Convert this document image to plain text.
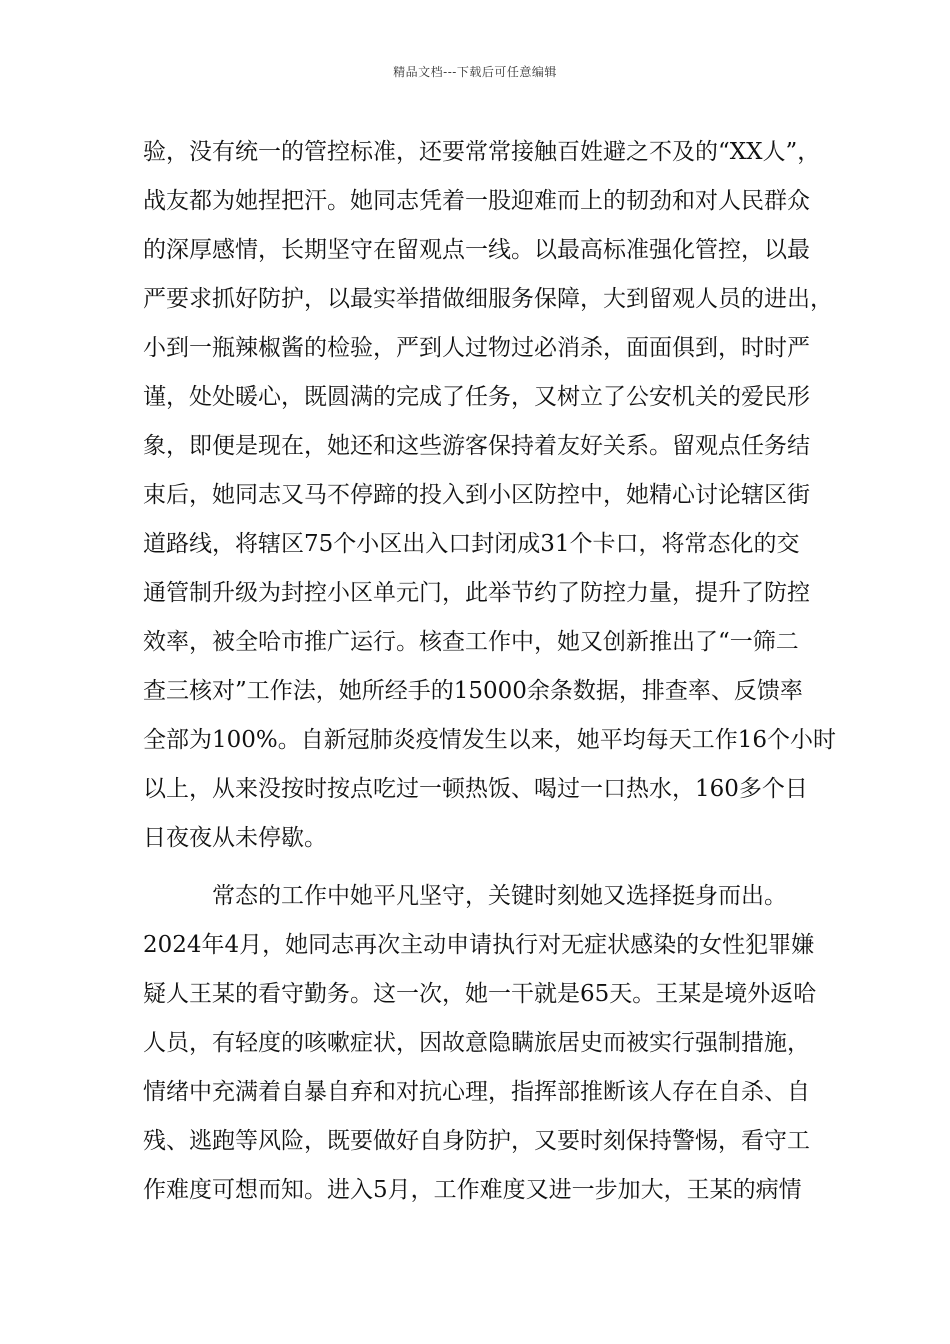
精品文档---下载后可任意编辑
验，没有统一的管控标准，还要常常接触百姓避之不及的“XX人”，
战友都为她捏把汗。她同志凭着一股迎难而上的韧劲和对人民群众
的深厚感情，长期坚守在留观点一线。以最高标准强化管控，以最
严要求抓好防护，以最实举措做细服务保障，大到留观人员的进出，
小到一瓶辣椒酱的检验，严到人过物过必消杀，面面俱到，时时严
谨，处处暖心，既圆满的完成了任务，又树立了公安机关的爱民形
象，即便是现在，她还和这些游客保持着友好关系。留观点任务结
束后，她同志又马不停蹄的投入到小区防控中，她精心讨论辖区街
道路线，将辖区75个小区出入口封闭成31个卡口，将常态化的交
通管制升级为封控小区单元门，此举节约了防控力量，提升了防控
效率，被全哈市推广运行。核查工作中，她又创新推出了“一筛二
查三核对”工作法，她所经手的15000余条数据，排查率、反馈率
全部为100%。自新冠肺炎疫情发生以来，她平均每天工作16个小时
以上，从来没按时按点吃过一顿热饭、喝过一口热水，160多个日
日夜夜从未停歇。
　　　常态的工作中她平凡坚守，关键时刻她又选择挺身而出。
2024年4月，她同志再次主动申请执行对无症状感染的女性犯罪嫌
疑人王某的看守勤务。这一次，她一干就是65天。王某是境外返哈
人员，有轻度的咳嗽症状，因故意隐瞒旅居史而被实行强制措施，
情绪中充满着自暴自弃和对抗心理，指挥部推断该人存在自杀、自
残、逃跑等风险，既要做好自身防护，又要时刻保持警惕，看守工
作难度可想而知。进入5月，工作难度又进一步加大，王某的病情
